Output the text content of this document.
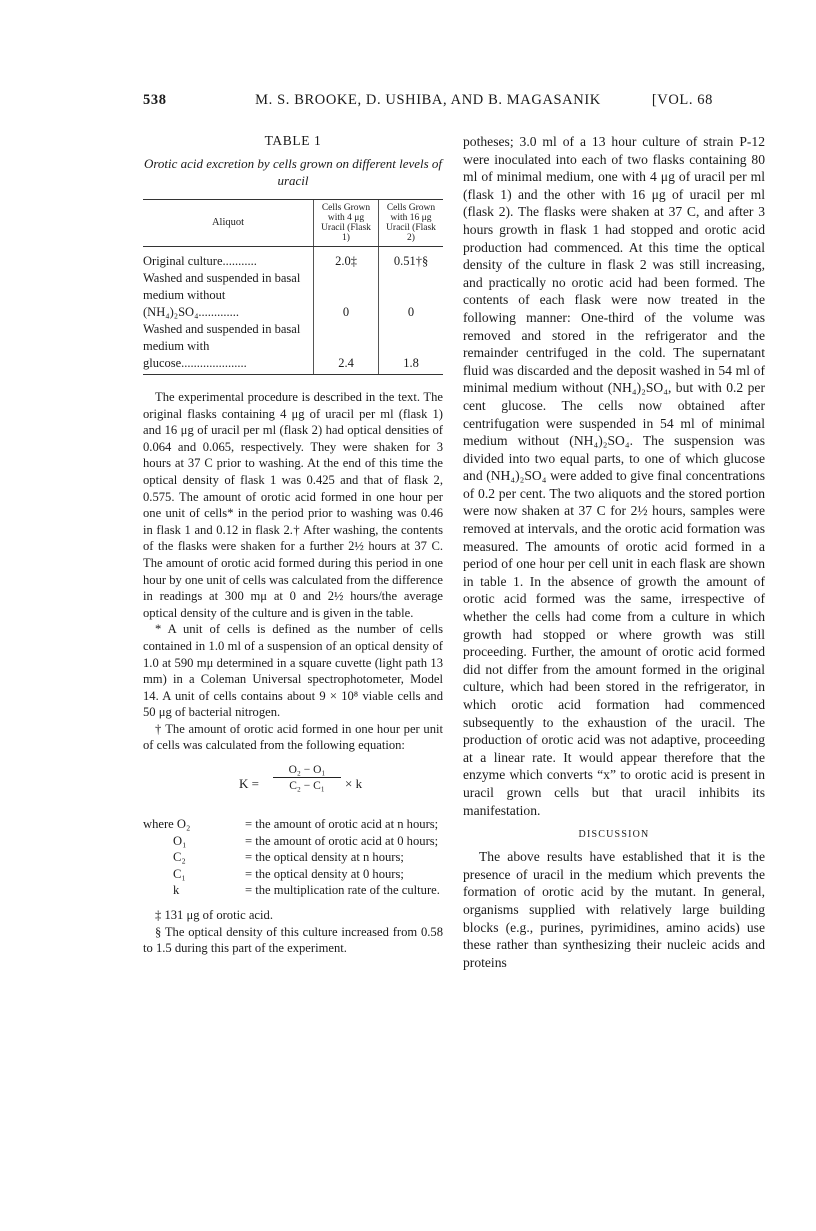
538	M. S. BROOKE, D. USHIBA, AND B. MAGASANIK	[VOL. 68
TABLE 1
Orotic acid excretion by cells grown on different levels of uracil
Aliquot	Cells Grown with 4 μg Uracil (Flask 1)	Cells Grown with 16 μg Uracil (Flask 2)
Original culture...........	2.0‡	0.51†§
Washed and suspended in basal medium without (NH₄)₂SO₄.............	0	0
Washed and suspended in basal medium with glucose.....................	2.4	1.8

The experimental procedure is described in the text. The original flasks containing 4 μg of uracil per ml (flask 1) and 16 μg of uracil per ml (flask 2) had optical densities of 0.064 and 0.065, respectively. They were shaken for 3 hours at 37 C prior to washing. At the end of this time the optical density of flask 1 was 0.425 and that of flask 2, 0.575. The amount of orotic acid formed in one hour per one unit of cells* in the period prior to washing was 0.46 in flask 1 and 0.12 in flask 2.† After washing, the contents of the flasks were shaken for a further 2½ hours at 37 C. The amount of orotic acid formed during this period in one hour by one unit of cells was calculated from the difference in readings at 300 mμ at 0 and 2½ hours/the average optical density of the culture and is given in the table.

* A unit of cells is defined as the number of cells contained in 1.0 ml of a suspension of an optical density of 1.0 at 590 mμ determined in a square cuvette (light path 13 mm) in a Coleman Universal spectrophotometer, Model 14. A unit of cells contains about 9 × 10⁸ viable cells and 50 μg of bacterial nitrogen.

† The amount of orotic acid formed in one hour per unit of cells was calculated from the following equation:

$K = \frac{\text{O₂ − O₁}}{\text{C₂ − C₁}} \times k$
where O₂	= the amount of orotic acid at n hours;
O₁	= the amount of orotic acid at 0 hours;
C₂	= the optical density at n hours;
C₁	= the optical density at 0 hours;
k	= the multiplication rate of the culture.

‡ 131 μg of orotic acid.

§ The optical density of this culture increased from 0.58 to 1.5 during this part of the experiment.

potheses; 3.0 ml of a 13 hour culture of strain P-12 were inoculated into each of two flasks containing 80 ml of minimal medium, one with 4 μg of uracil per ml (flask 1) and the other with 16 μg of uracil per ml (flask 2). The flasks were shaken at 37 C, and after 3 hours growth in flask 1 had stopped and orotic acid production had commenced. At this time the optical density of the culture in flask 2 was still increasing, and practically no orotic acid had been formed. The contents of each flask were now treated in the following manner: One-third of the volume was removed and stored in the refrigerator and the remainder centrifuged in the cold. The supernatant fluid was discarded and the deposit washed in 54 ml of minimal medium without (NH₄)₂SO₄, but with 0.2 per cent glucose. The cells now obtained after centrifugation were suspended in 54 ml of minimal medium without (NH₄)₂SO₄. The suspension was divided into two equal parts, to one of which glucose and (NH₄)₂SO₄ were added to give final concentrations of 0.2 per cent. The two aliquots and the stored portion were now shaken at 37 C for 2½ hours, samples were removed at intervals, and the orotic acid formation was measured. The amounts of orotic acid formed in a period of one hour per cell unit in each flask are shown in table 1. In the absence of growth the amount of orotic acid formed was the same, irrespective of whether the cells had come from a culture in which growth had stopped or where growth was still proceeding. Further, the amount of orotic acid formed did not differ from the amount formed in the original culture, which had been stored in the refrigerator, in which orotic acid formation had commenced subsequently to the exhaustion of the uracil. The production of orotic acid was not adaptive, proceeding at a linear rate. It would appear therefore that the enzyme which converts “x” to orotic acid is present in uracil grown cells but that uracil inhibits its manifestation.

DISCUSSION

The above results have established that it is the presence of uracil in the medium which prevents the formation of orotic acid by the mutant. In general, organisms supplied with relatively large building blocks (e.g., purines, pyrimidines, amino acids) use these rather than synthesizing their nucleic acids and proteins
